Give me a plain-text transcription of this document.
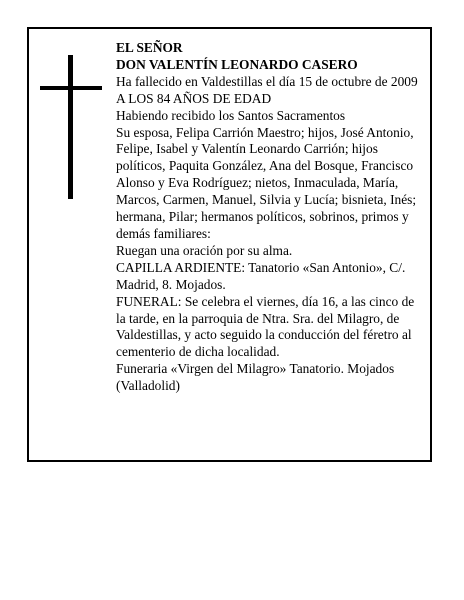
EL SEÑOR

DON VALENTÍN LEONARDO CASERO

Ha fallecido en Valdestillas el día 15 de octubre de 2009

A LOS 84 AÑOS DE EDAD

Habiendo recibido los Santos Sacramentos

Su esposa, Felipa Carrión Maestro; hijos, José Antonio, Felipe, Isabel y Valentín Leonardo Carrión; hijos políticos, Paquita González, Ana del Bosque, Francisco Alonso y Eva Rodríguez; nietos, Inmaculada, María, Marcos, Carmen, Manuel, Silvia y Lucía; bisnieta, Inés; hermana, Pilar; hermanos políticos, sobrinos, primos y demás familiares:

Ruegan una oración por su alma.

CAPILLA ARDIENTE: Tanatorio «San Antonio», C/. Madrid, 8. Mojados.

FUNERAL: Se celebra el viernes, día 16, a las cinco de la tarde, en la parroquia de Ntra. Sra. del Milagro, de Valdestillas, y acto seguido la conducción del féretro al cementerio de dicha localidad.

Funeraria «Virgen del Milagro» Tanatorio. Mojados (Valladolid)
